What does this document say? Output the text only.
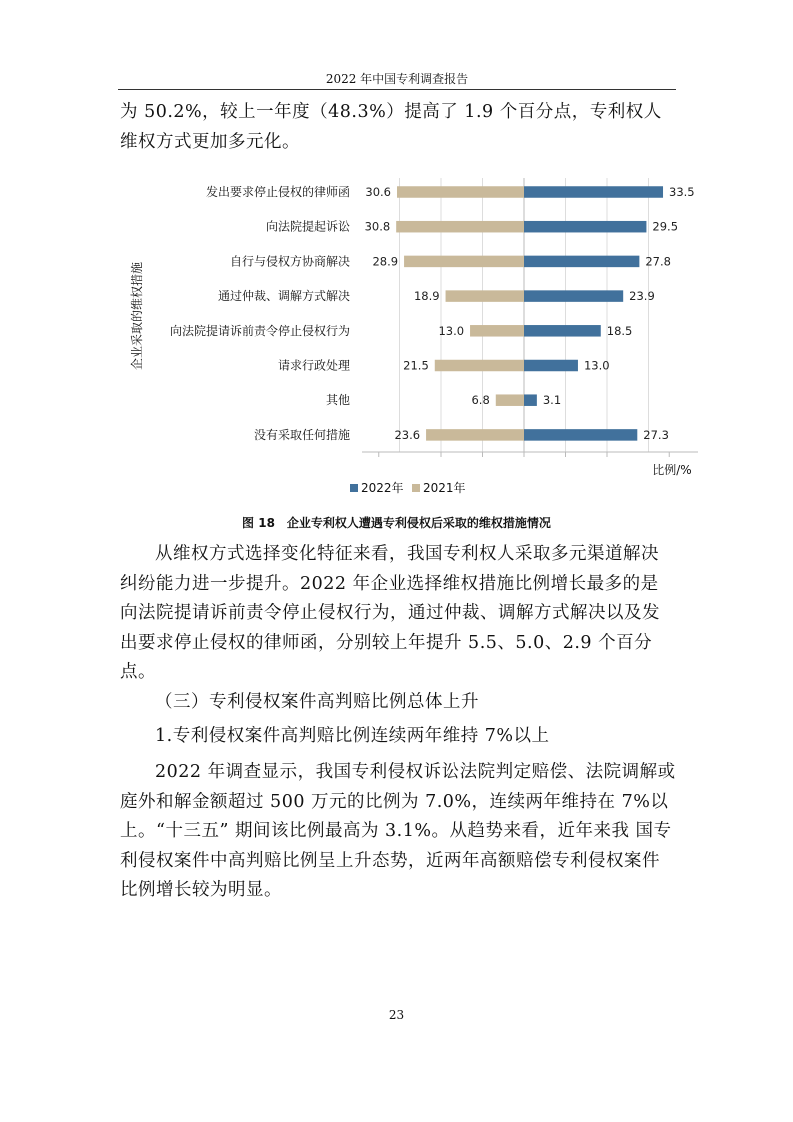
2022 年中国专利调查报告

为 50.2%，较上一年度（48.3%）提高了 1.9 个百分点，专利权人维权方式更加多元化。

发出要求停止侵权的律师函 30.6	33.5
向法院提起诉讼 30.8	29.5
自行与侵权方协商解决 28.9	27.8
通过仲裁、调解方式解决	18.9	23.9
向法院提请诉前责令停止侵权行为	13.0	18.5
请求行政处理	21.5	13.0
其他	6.8	3.1
没有采取任何措施	23.6	27.3
企业采取的维权措施
比例/%
2022年 2021年
图 18　企业专利权人遭遇专利侵权后采取的维权措施情况

从维权方式选择变化特征来看，我国专利权人采取多元渠道解决纠纷能力进一步提升。2022 年企业选择维权措施比例增长最多的是向法院提请诉前责令停止侵权行为，通过仲裁、调解方式解决以及发出要求停止侵权的律师函，分别较上年提升 5.5、5.0、2.9 个百分点。

（三）专利侵权案件高判赔比例总体上升

1.专利侵权案件高判赔比例连续两年维持 7%以上

2022 年调查显示，我国专利侵权诉讼法院判定赔偿、法院调解或庭外和解金额超过 500 万元的比例为 7.0%，连续两年维持在 7%以上。“十三五” 期间该比例最高为 3.1%。从趋势来看，近年来我 国专利侵权案件中高判赔比例呈上升态势，近两年高额赔偿专利侵权案件比例增长较为明显。

23
